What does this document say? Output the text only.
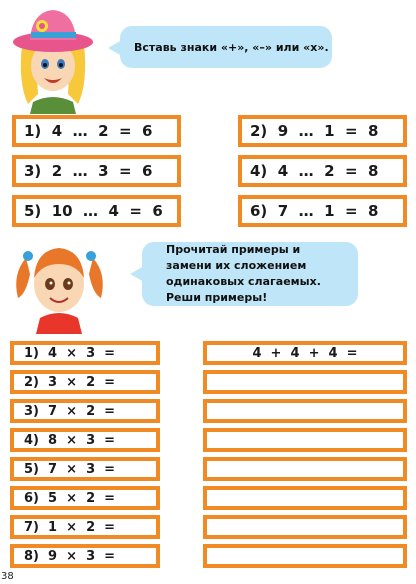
Вставь знаки «+», «–» или «х».
1)  4  …  2  =  6
3)  2  …  3  =  6
5)  10  …  4  =  6
2)  9  …  1  =  8
4)  4  …  2  =  8
6)  7  …  1  =  8
Прочитай примеры и замени их сложением одинаковых слагаемых. Реши примеры!
1)  4  ×  3  =
2)  3  ×  2  =
3)  7  ×  2  =
4)  8  ×  3  =
5)  7  ×  3  =
6)  5  ×  2  =
7)  1  ×  2  =
8)  9  ×  3  =
4  +  4  +  4  =
38
